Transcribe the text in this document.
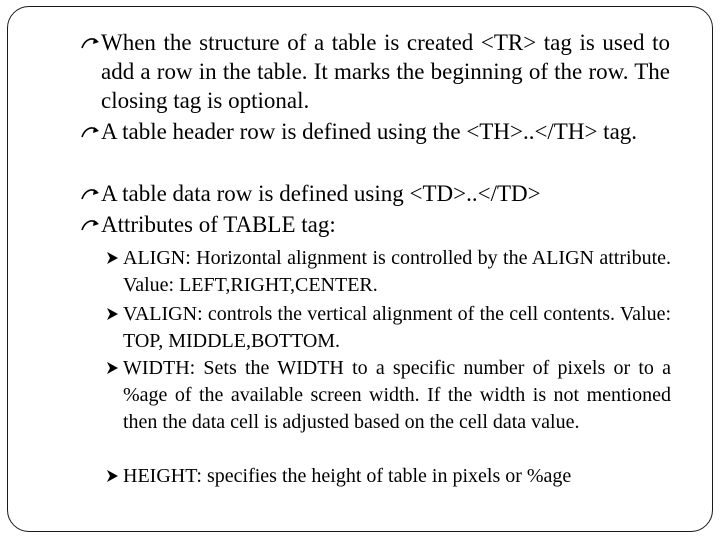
When the structure of a table is created <TR> tag is used to add a row in the table. It marks the beginning of the row. The closing tag is optional.
A table header row is defined using the <TH>..</TH> tag.
A table data row is defined using <TD>..</TD>
Attributes of TABLE tag:
ALIGN: Horizontal alignment is controlled by the ALIGN attribute. Value: LEFT,RIGHT,CENTER.
VALIGN: controls the vertical alignment of the cell contents. Value: TOP, MIDDLE,BOTTOM.
WIDTH: Sets the WIDTH to a specific number of pixels or to a %age of the available screen width. If the width is not mentioned then the data cell is adjusted based on the cell data value.
HEIGHT: specifies the height of table in pixels or %age
